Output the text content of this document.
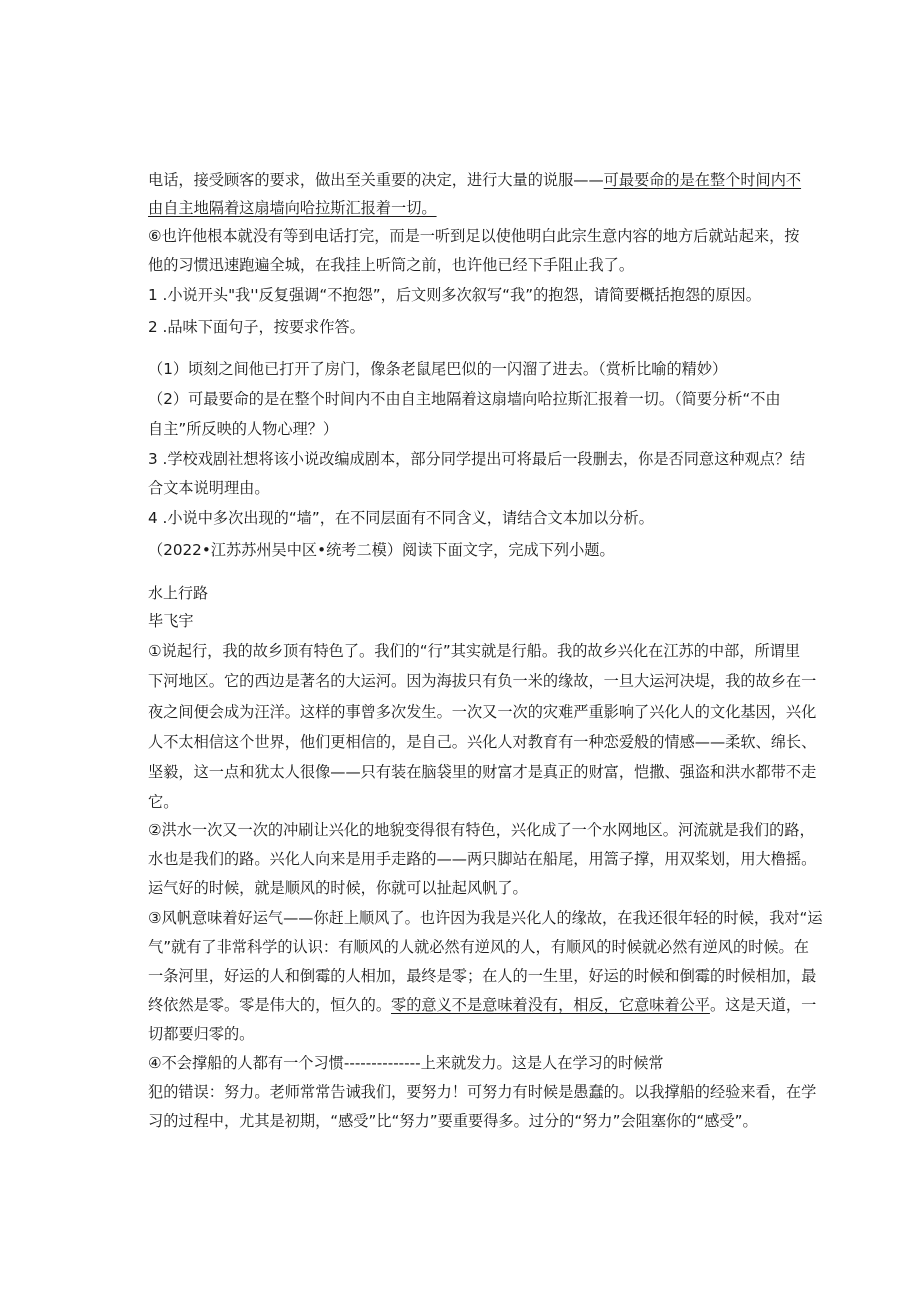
电话，接受顾客的要求，做出至关重要的决定，进行大量的说服——可最要命的是在整个时间内不
由自主地隔着这扇墙向哈拉斯汇报着一切。
⑥也许他根本就没有等到电话打完，而是一听到足以使他明白此宗生意内容的地方后就站起来，按
他的习惯迅速跑遍全城，在我挂上听筒之前，也许他已经下手阻止我了。
1 .小说开头"我''反复强调“不抱怨”，后文则多次叙写“我”的抱怨，请简要概括抱怨的原因。
2 .品味下面句子，按要求作答。
（1）顷刻之间他已打开了房门，像条老鼠尾巴似的一闪溜了进去。（赏析比喻的精妙）
（2）可最要命的是在整个时间内不由自主地隔着这扇墙向哈拉斯汇报着一切。（简要分析“不由
自主”所反映的人物心理？）
3 .学校戏剧社想将该小说改编成剧本，部分同学提出可将最后一段删去，你是否同意这种观点？结
合文本说明理由。
4 .小说中多次出现的“墙”，在不同层面有不同含义，请结合文本加以分析。
（2022•江苏苏州吴中区•统考二模）阅读下面文字，完成下列小题。
水上行路
毕飞宇
①说起行，我的故乡顶有特色了。我们的“行”其实就是行船。我的故乡兴化在江苏的中部，所谓里
下河地区。它的西边是著名的大运河。因为海拔只有负一米的缘故，一旦大运河决堤，我的故乡在一
夜之间便会成为汪洋。这样的事曾多次发生。一次又一次的灾难严重影响了兴化人的文化基因，兴化
人不太相信这个世界，他们更相信的，是自己。兴化人对教育有一种恋爱般的情感——柔软、绵长、
坚毅，这一点和犹太人很像——只有装在脑袋里的财富才是真正的财富，恺撒、强盗和洪水都带不走
它。
②洪水一次又一次的冲刷让兴化的地貌变得很有特色，兴化成了一个水网地区。河流就是我们的路，
水也是我们的路。兴化人向来是用手走路的——两只脚站在船尾，用篙子撑，用双桨划，用大橹摇。
运气好的时候，就是顺风的时候，你就可以扯起风帆了。
③风帆意味着好运气——你赶上顺风了。也许因为我是兴化人的缘故，在我还很年轻的时候，我对“运
气”就有了非常科学的认识：有顺风的人就必然有逆风的人，有顺风的时候就必然有逆风的时候。在
一条河里，好运的人和倒霉的人相加，最终是零；在人的一生里，好运的时候和倒霉的时候相加，最
终依然是零。零是伟大的，恒久的。零的意义不是意味着没有，相反，它意味着公平。这是天道，一
切都要归零的。
④不会撑船的人都有一个习惯--------------上来就发力。这是人在学习的时候常
犯的错误：努力。老师常常告诫我们，要努力！可努力有时候是愚蠢的。以我撑船的经验来看，在学
习的过程中，尤其是初期，“感受”比“努力”要重要得多。过分的“努力”会阻塞你的“感受”。
